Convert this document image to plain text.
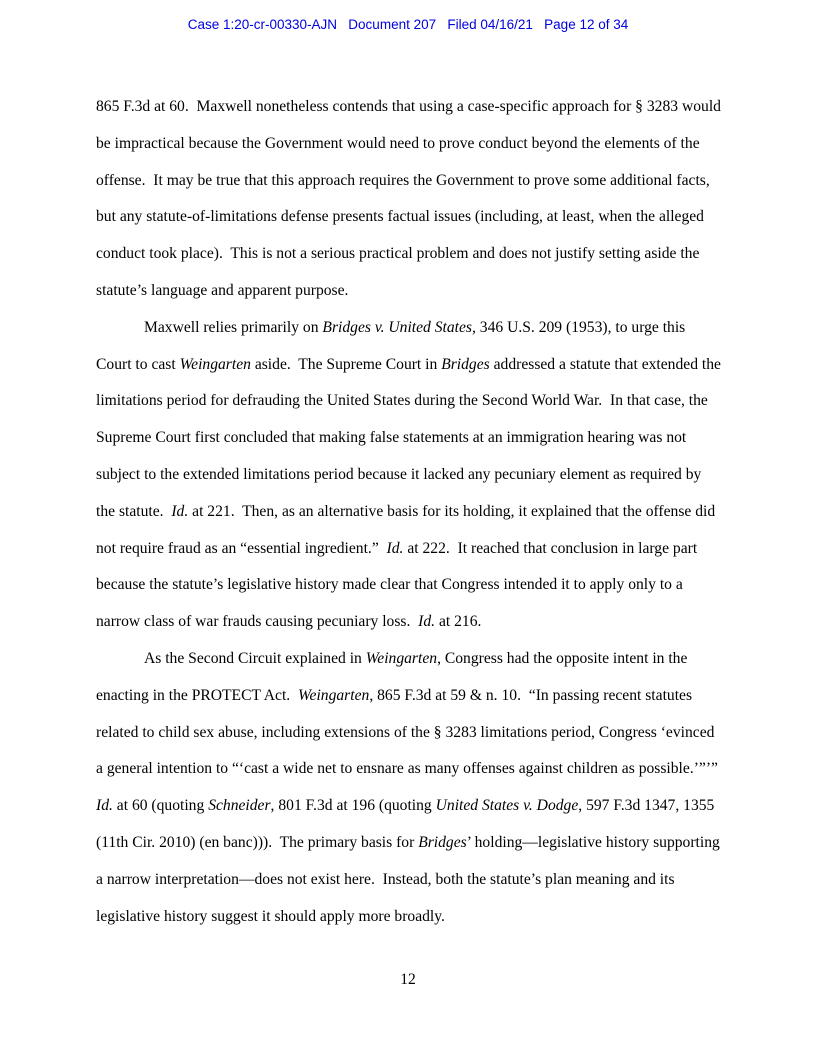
Case 1:20-cr-00330-AJN   Document 207   Filed 04/16/21   Page 12 of 34

865 F.3d at 60.  Maxwell nonetheless contends that using a case-specific approach for § 3283 would be impractical because the Government would need to prove conduct beyond the elements of the offense.  It may be true that this approach requires the Government to prove some additional facts, but any statute-of-limitations defense presents factual issues (including, at least, when the alleged conduct took place).  This is not a serious practical problem and does not justify setting aside the statute’s language and apparent purpose.

Maxwell relies primarily on Bridges v. United States, 346 U.S. 209 (1953), to urge this Court to cast Weingarten aside.  The Supreme Court in Bridges addressed a statute that extended the limitations period for defrauding the United States during the Second World War.  In that case, the Supreme Court first concluded that making false statements at an immigration hearing was not subject to the extended limitations period because it lacked any pecuniary element as required by the statute.  Id. at 221.  Then, as an alternative basis for its holding, it explained that the offense did not require fraud as an “essential ingredient.”  Id. at 222.  It reached that conclusion in large part because the statute’s legislative history made clear that Congress intended it to apply only to a narrow class of war frauds causing pecuniary loss.  Id. at 216.

As the Second Circuit explained in Weingarten, Congress had the opposite intent in the enacting in the PROTECT Act.  Weingarten, 865 F.3d at 59 & n. 10.  “In passing recent statutes related to child sex abuse, including extensions of the § 3283 limitations period, Congress ‘evinced a general intention to “‘cast a wide net to ensnare as many offenses against children as possible.’”’”  Id. at 60 (quoting Schneider, 801 F.3d at 196 (quoting United States v. Dodge, 597 F.3d 1347, 1355 (11th Cir. 2010) (en banc))).  The primary basis for Bridges’ holding—legislative history supporting a narrow interpretation—does not exist here.  Instead, both the statute’s plan meaning and its legislative history suggest it should apply more broadly.

12
